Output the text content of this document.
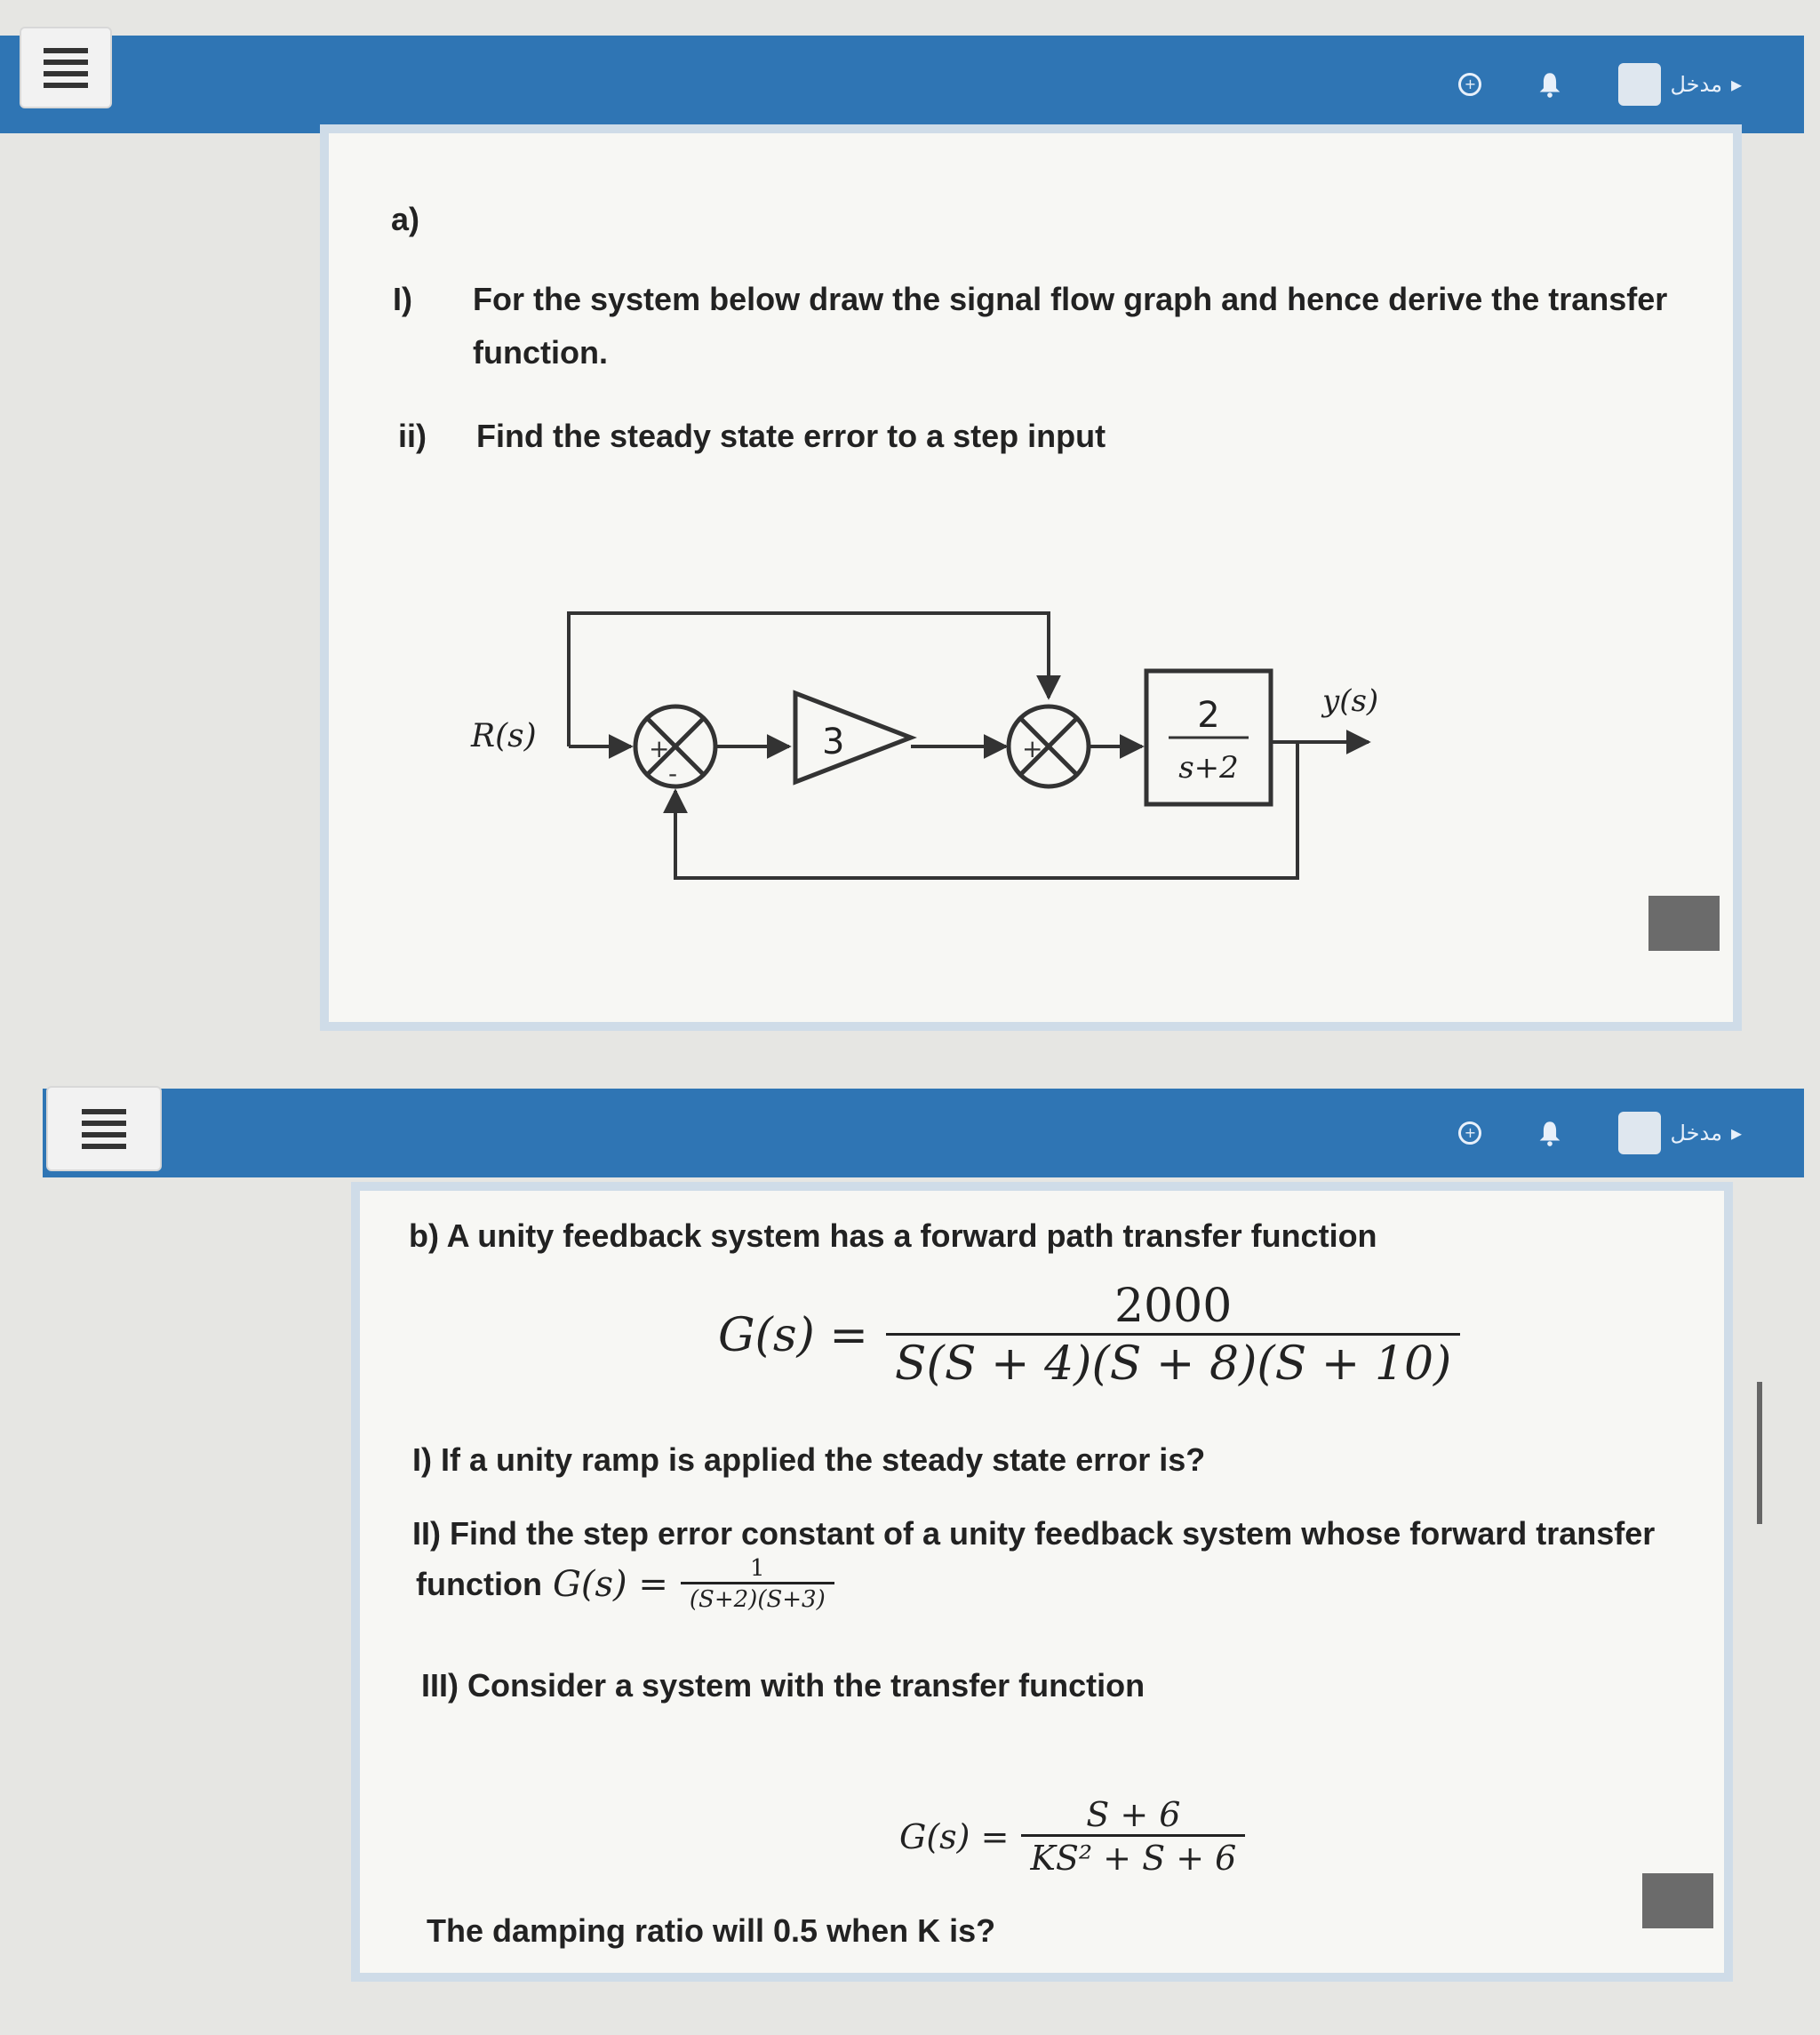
+	مدخل ▸
a)
I) For the system below draw the signal flow graph and hence derive the transfer
function.
ii) Find the steady state error to a step input
R(s)	+
-
3	+
2
s+2
y(s)
+	مدخل ▸
b) A unity feedback system has a forward path transfer function
$G(s) = \frac{2000}{S(S + 4)(S + 8)(S + 10)}$
I) If a unity ramp is applied the steady state error is?
II) Find the step error constant of a unity feedback system whose forward transfer
function $G(s) = \frac{1}{(S+2)(S+3)}$
III) Consider a system with the transfer function
$G(s) = \frac{S + 6}{\text{KS² + S + 6}}$
The damping ratio will 0.5 when K is?
